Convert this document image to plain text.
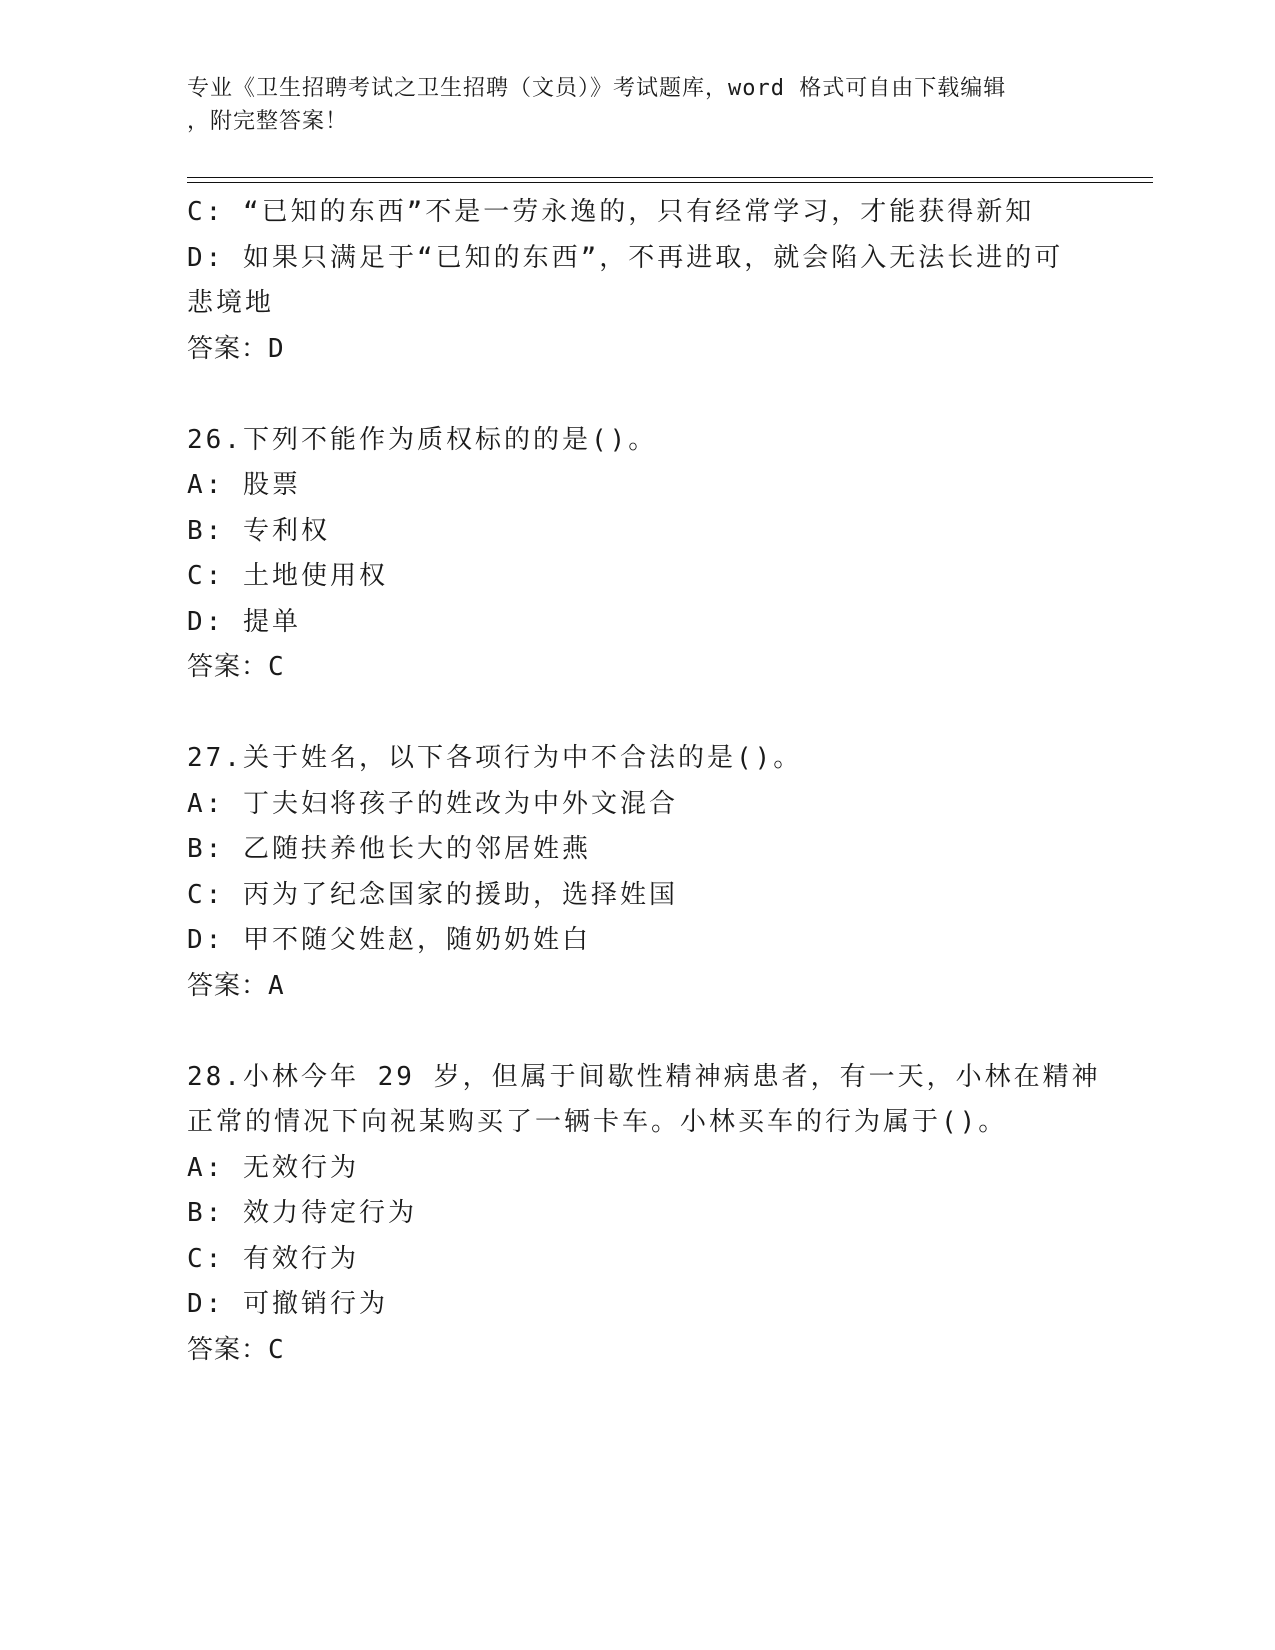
专业《卫生招聘考试之卫生招聘（文员）》考试题库，word 格式可自由下载编辑
，附完整答案！
C: “已知的东西”不是一劳永逸的，只有经常学习，才能获得新知
D: 如果只满足于“已知的东西”，不再进取，就会陷入无法长进的可
悲境地
答案：D
26.下列不能作为质权标的的是()。
A: 股票
B: 专利权
C: 土地使用权
D: 提单
答案：C
27.关于姓名，以下各项行为中不合法的是()。
A: 丁夫妇将孩子的姓改为中外文混合
B: 乙随扶养他长大的邻居姓燕
C: 丙为了纪念国家的援助，选择姓国
D: 甲不随父姓赵，随奶奶姓白
答案：A
28.小林今年 29 岁，但属于间歇性精神病患者，有一天，小林在精神
正常的情况下向祝某购买了一辆卡车。小林买车的行为属于()。
A: 无效行为
B: 效力待定行为
C: 有效行为
D: 可撤销行为
答案：C
